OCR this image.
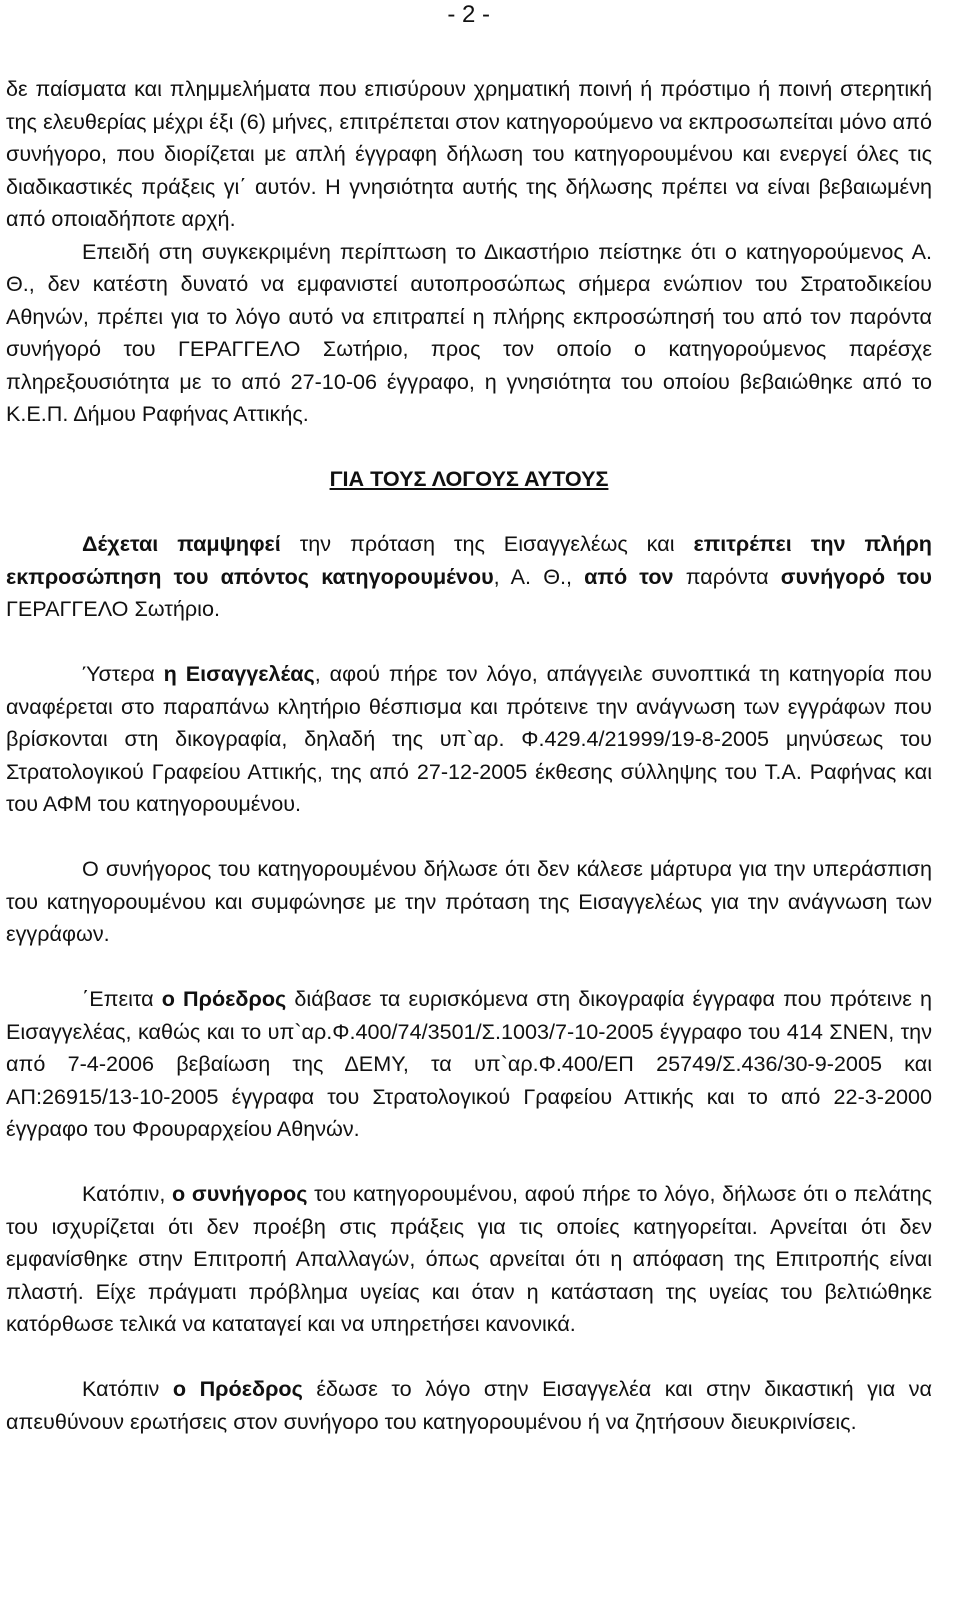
- 2 -

δε παίσματα και πλημμελήματα που επισύρουν χρηματική ποινή ή πρόστιμο ή ποινή στερητική της ελευθερίας μέχρι έξι (6) μήνες, επιτρέπεται στον κατηγορούμενο να εκπροσωπείται μόνο από συνήγορο, που διορίζεται με απλή έγγραφη δήλωση του κατηγορουμένου και ενεργεί όλες τις διαδικαστικές πράξεις γι΄ αυτόν. Η γνησιότητα αυτής της δήλωσης πρέπει να είναι βεβαιωμένη από οποιαδήποτε αρχή.

Επειδή στη συγκεκριμένη περίπτωση το Δικαστήριο πείστηκε ότι ο κατηγορούμενος Α. Θ., δεν κατέστη δυνατό να εμφανιστεί αυτοπροσώπως σήμερα ενώπιον του Στρατοδικείου Αθηνών, πρέπει για το λόγο αυτό να επιτραπεί η πλήρης εκπροσώπησή του από τον παρόντα συνήγορό του ΓΕΡΑΓΓΕΛΟ Σωτήριο, προς τον οποίο ο κατηγορούμενος παρέσχε πληρεξουσιότητα με το από 27-10-06 έγγραφο, η γνησιότητα του οποίου βεβαιώθηκε από το Κ.Ε.Π. Δήμου Ραφήνας Αττικής.

ΓΙΑ ΤΟΥΣ ΛΟΓΟΥΣ ΑΥΤΟΥΣ

Δέχεται παμψηφεί την πρόταση της Εισαγγελέως και επιτρέπει την πλήρη εκπροσώπηση του απόντος κατηγορουμένου, Α. Θ., από τον παρόντα συνήγορό του ΓΕΡΑΓΓΕΛΟ Σωτήριο.

Ύστερα η Εισαγγελέας, αφού πήρε τον λόγο, απάγγειλε συνοπτικά τη κατηγορία που αναφέρεται στο παραπάνω κλητήριο θέσπισμα και πρότεινε την ανάγνωση των εγγράφων που βρίσκονται στη δικογραφία, δηλαδή της υπ`αρ. Φ.429.4/21999/19-8-2005 μηνύσεως του Στρατολογικού Γραφείου Αττικής, της από 27-12-2005 έκθεσης σύλληψης του Τ.Α. Ραφήνας και του ΑΦΜ του κατηγορουμένου.

Ο συνήγορος του κατηγορουμένου δήλωσε ότι δεν κάλεσε μάρτυρα για την υπεράσπιση του κατηγορουμένου και συμφώνησε με την πρόταση της Εισαγγελέως για την ανάγνωση των εγγράφων.

΄Επειτα ο Πρόεδρος διάβασε τα ευρισκόμενα στη δικογραφία έγγραφα που πρότεινε η Εισαγγελέας, καθώς και το υπ`αρ.Φ.400/74/3501/Σ.1003/7-10-2005 έγγραφο του 414 ΣΝΕΝ, την από 7-4-2006 βεβαίωση της ΔΕΜΥ, τα υπ`αρ.Φ.400/ΕΠ 25749/Σ.436/30-9-2005 και ΑΠ:26915/13-10-2005 έγγραφα του Στρατολογικού Γραφείου Αττικής και το από 22-3-2000 έγγραφο του Φρουραρχείου Αθηνών.

Κατόπιν, ο συνήγορος του κατηγορουμένου, αφού πήρε το λόγο, δήλωσε ότι ο πελάτης του ισχυρίζεται ότι δεν προέβη στις πράξεις για τις οποίες κατηγορείται. Αρνείται ότι δεν εμφανίσθηκε στην Επιτροπή Απαλλαγών, όπως αρνείται ότι η απόφαση της Επιτροπής είναι πλαστή. Είχε πράγματι πρόβλημα υγείας και όταν η κατάσταση της υγείας του βελτιώθηκε κατόρθωσε τελικά να καταταγεί και να υπηρετήσει κανονικά.

Κατόπιν ο Πρόεδρος έδωσε το λόγο στην Εισαγγελέα και στην δικαστική για να απευθύνουν ερωτήσεις στον συνήγορο του κατηγορουμένου ή να ζητήσουν διευκρινίσεις.
